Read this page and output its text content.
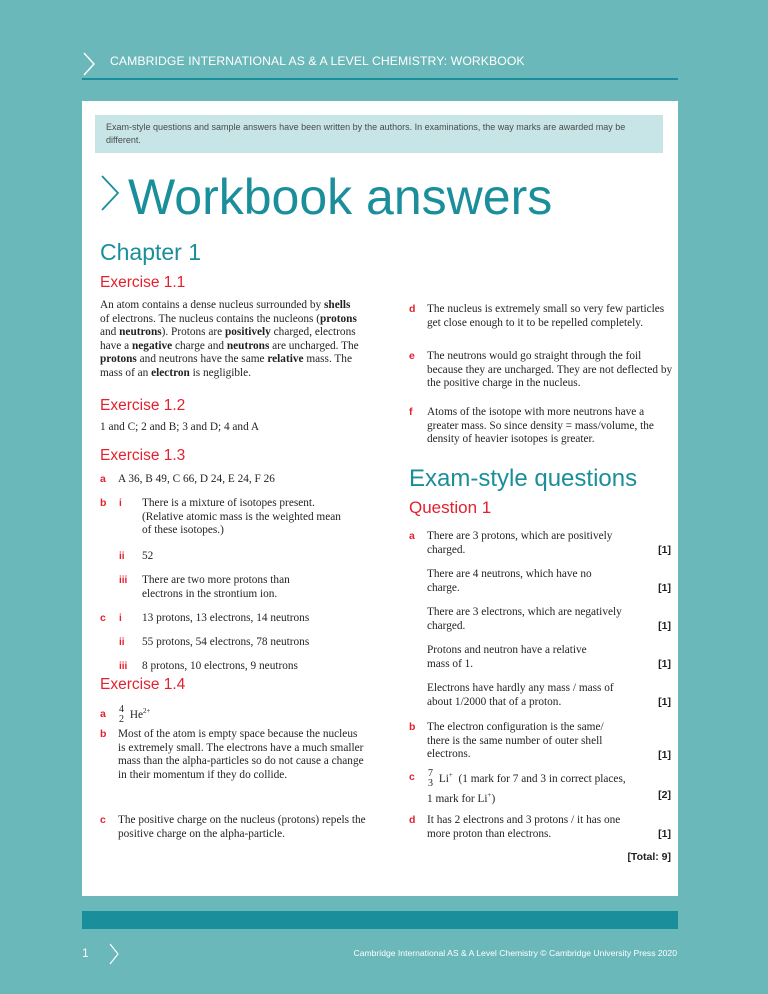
CAMBRIDGE INTERNATIONAL AS & A LEVEL CHEMISTRY: WORKBOOK
Exam-style questions and sample answers have been written by the authors. In examinations, the way marks are awarded may be different.
Workbook answers
Chapter 1
Exercise 1.1
An atom contains a dense nucleus surrounded by shells of electrons. The nucleus contains the nucleons (protons and neutrons). Protons are positively charged, electrons have a negative charge and neutrons are uncharged. The protons and neutrons have the same relative mass. The mass of an electron is negligible.
Exercise 1.2
1 and C; 2 and B; 3 and D; 4 and A
Exercise 1.3
a A 36, B 49, C 66, D 24, E 24, F 26
b i There is a mixture of isotopes present. (Relative atomic mass is the weighted mean of these isotopes.)
ii 52
iii There are two more protons than electrons in the strontium ion.
c i 13 protons, 13 electrons, 14 neutrons
ii 55 protons, 54 electrons, 78 neutrons
iii 8 protons, 10 electrons, 9 neutrons
Exercise 1.4
a 4
2 $He^{2+}$
b Most of the atom is empty space because the nucleus is extremely small. The electrons have a much smaller mass than the alpha-particles so do not cause a change in their momentum if they do collide.
c The positive charge on the nucleus (protons) repels the positive charge on the alpha-particle.
d The nucleus is extremely small so very few particles get close enough to it to be repelled completely.
e The neutrons would go straight through the foil because they are uncharged. They are not deflected by the positive charge in the nucleus.
f Atoms of the isotope with more neutrons have a greater mass. So since density = mass/volume, the density of heavier isotopes is greater.
Exam-style questions
Question 1
a There are 3 protons, which are positively charged.	[1]
There are 4 neutrons, which have no charge.	[1]
There are 3 electrons, which are negatively charged.	[1]
Protons and neutron have a relative mass of 1.	[1]
Electrons have hardly any mass / mass of about 1/2000 that of a proton.	[1]
b The electron configuration is the same/ there is the same number of outer shell electrons.	[1]
c 7
3 Li+ (1 mark for 7 and 3 in correct places,
1 mark for Li+)	[2]
d It has 2 electrons and 3 protons / it has one more proton than electrons.	[1]
[Total: 9]
1	Cambridge International AS & A Level Chemistry © Cambridge University Press 2020
